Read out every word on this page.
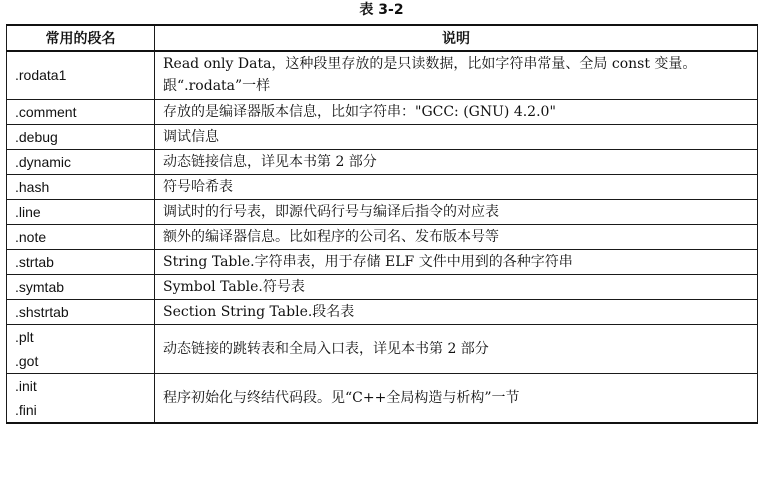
表 3-2
常用的段名	说明

.rodata1	Read only Data，这种段里存放的是只读数据，比如字符串常量、全局 const 变量。跟“.rodata”一样

.comment	存放的是编译器版本信息，比如字符串："GCC: (GNU) 4.2.0"

.debug	调试信息

.dynamic	动态链接信息，详见本书第 2 部分

.hash	符号哈希表

.line	调试时的行号表，即源代码行号与编译后指令的对应表

.note	额外的编译器信息。比如程序的公司名、发布版本号等

.strtab	String Table.字符串表，用于存储 ELF 文件中用到的各种字符串

.symtab	Symbol Table.符号表

.shstrtab	Section String Table.段名表

.plt
.got	动态链接的跳转表和全局入口表，详见本书第 2 部分

.init
.fini	程序初始化与终结代码段。见“C++全局构造与析构”一节
